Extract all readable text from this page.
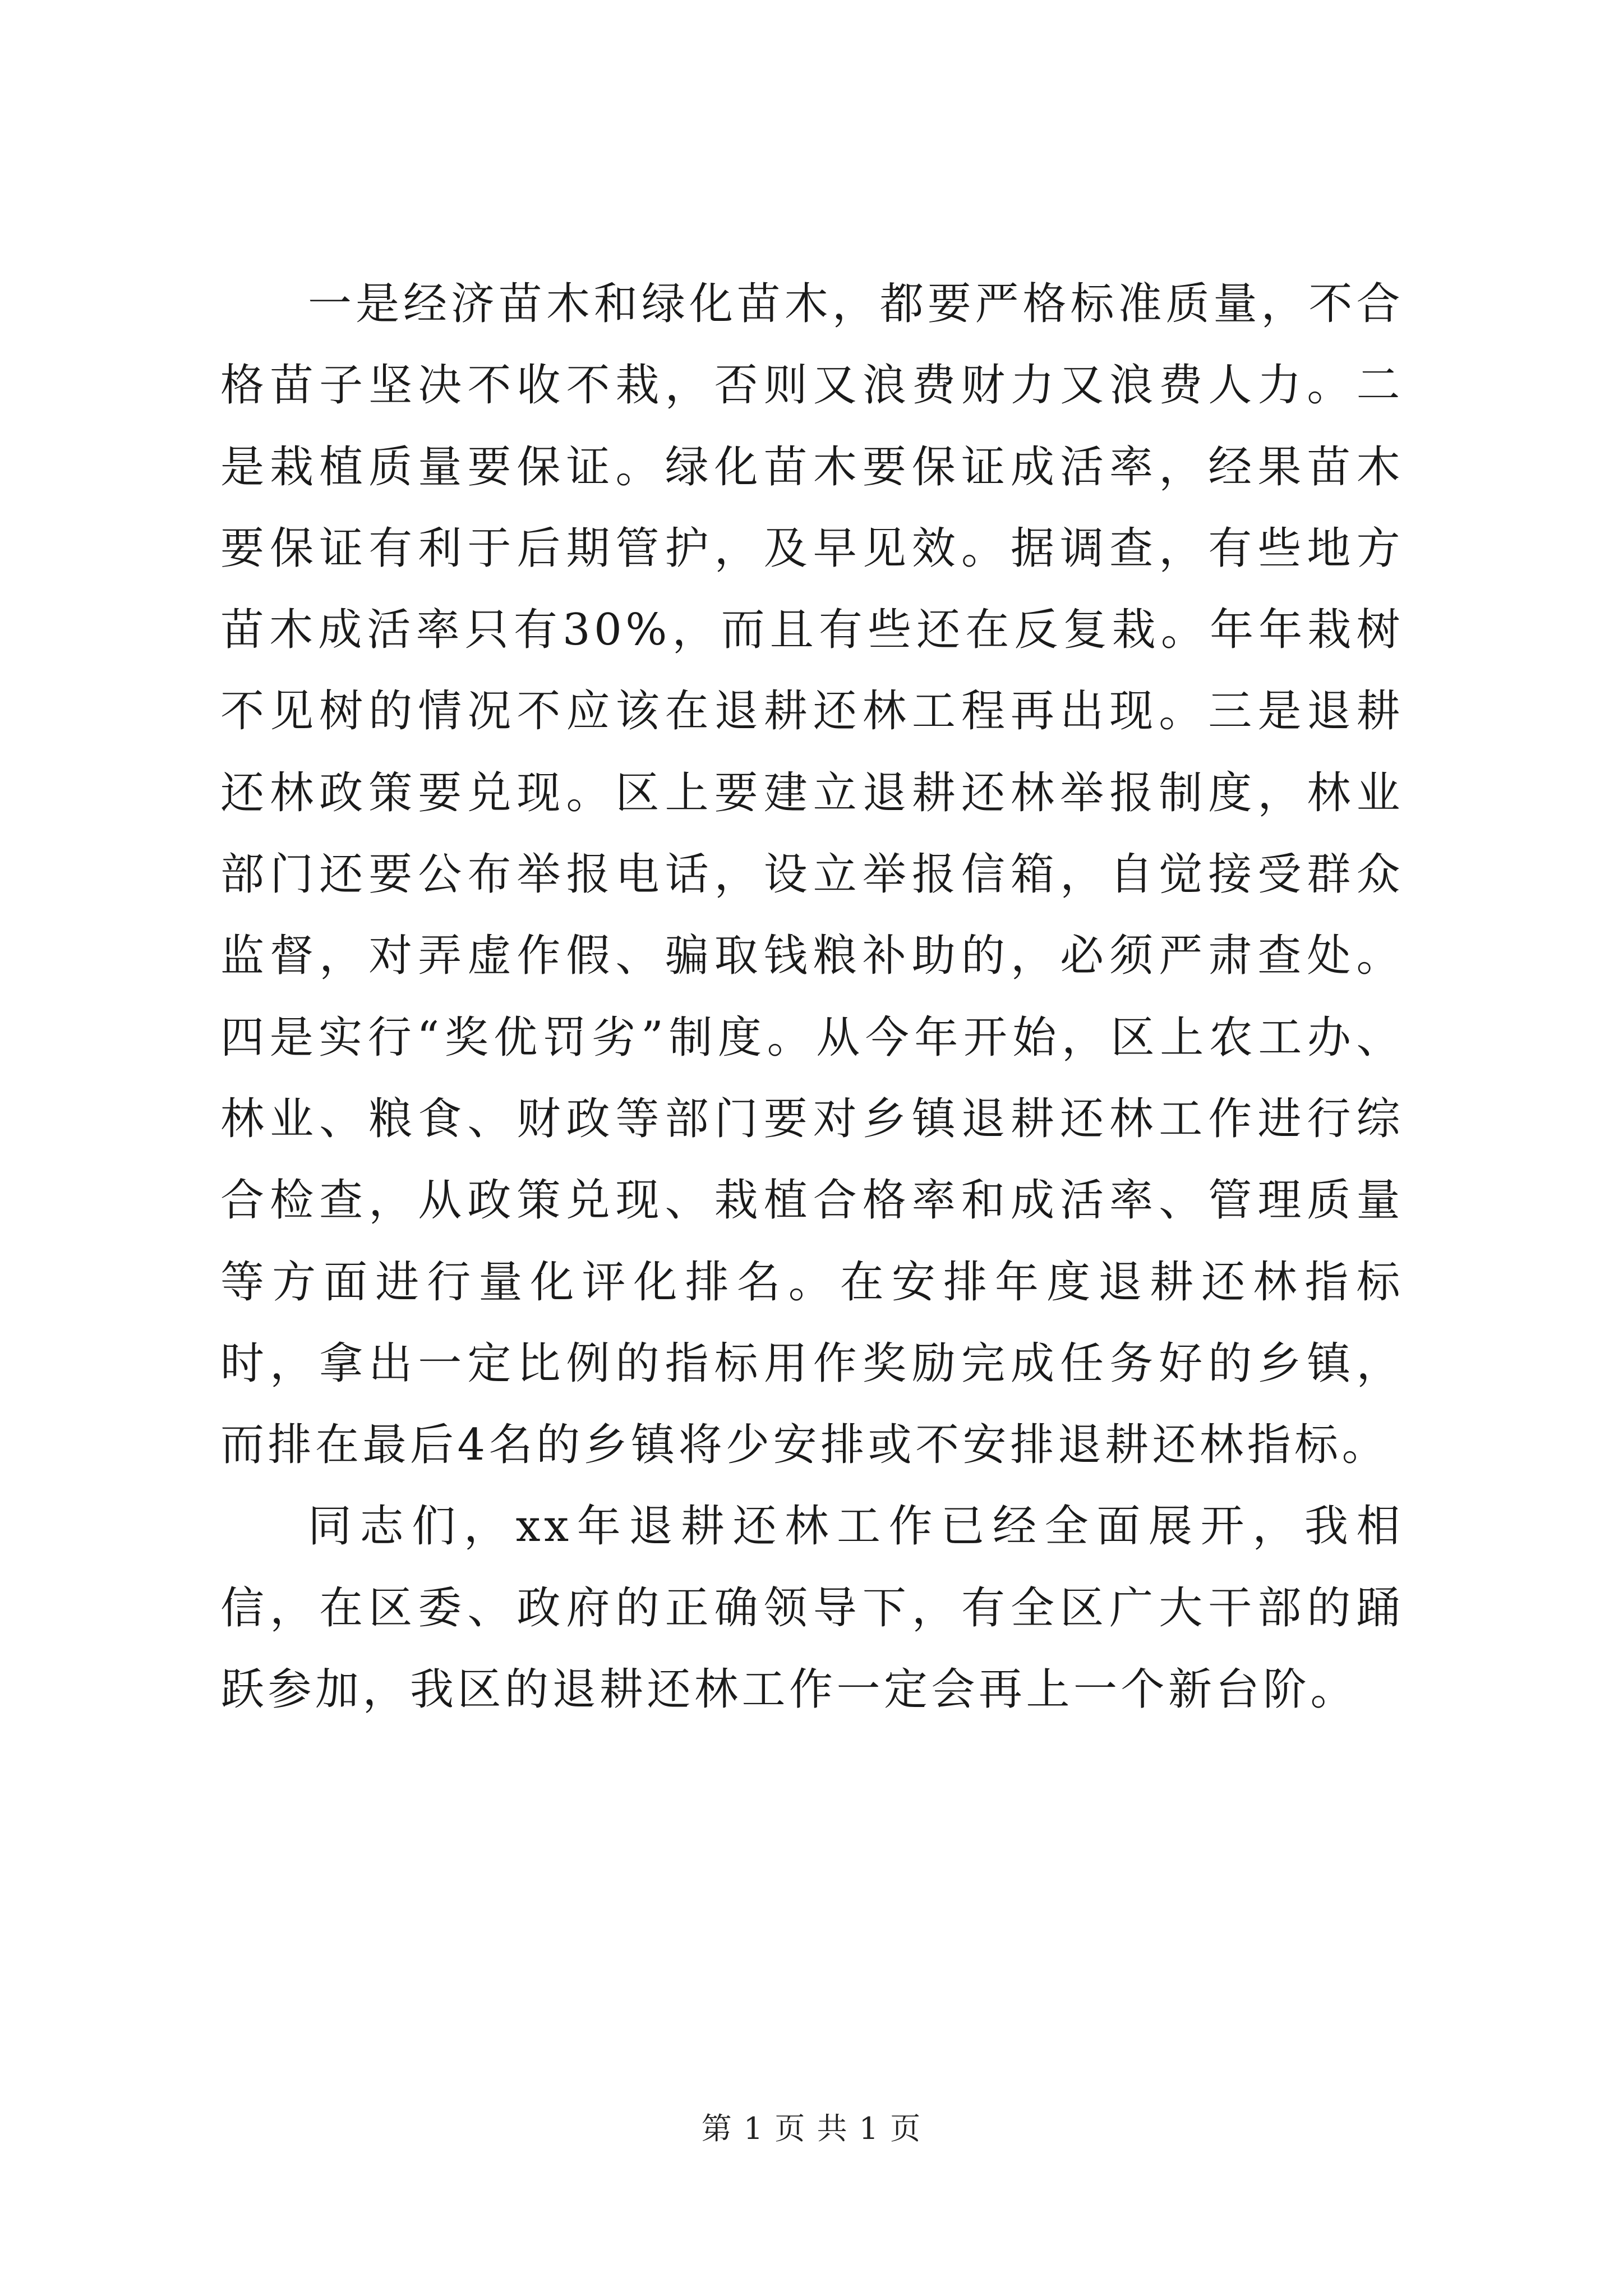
一是经济苗木和绿化苗木，都要严格标准质量，不合格苗子坚决不收不栽，否则又浪费财力又浪费人力。二是栽植质量要保证。绿化苗木要保证成活率，经果苗木要保证有利于后期管护，及早见效。据调查，有些地方苗木成活率只有30%，而且有些还在反复栽。年年栽树不见树的情况不应该在退耕还林工程再出现。三是退耕还林政策要兑现。区上要建立退耕还林举报制度，林业部门还要公布举报电话，设立举报信箱，自觉接受群众监督，对弄虚作假、骗取钱粮补助的，必须严肃查处。四是实行“奖优罚劣”制度。从今年开始，区上农工办、林业、粮食、财政等部门要对乡镇退耕还林工作进行综合检查，从政策兑现、栽植合格率和成活率、管理质量等方面进行量化评化排名。在安排年度退耕还林指标时，拿出一定比例的指标用作奖励完成任务好的乡镇，而排在最后4名的乡镇将少安排或不安排退耕还林指标。

同志们，xx年退耕还林工作已经全面展开，我相信，在区委、政府的正确领导下，有全区广大干部的踊跃参加，我区的退耕还林工作一定会再上一个新台阶。

第 1 页 共 1 页
